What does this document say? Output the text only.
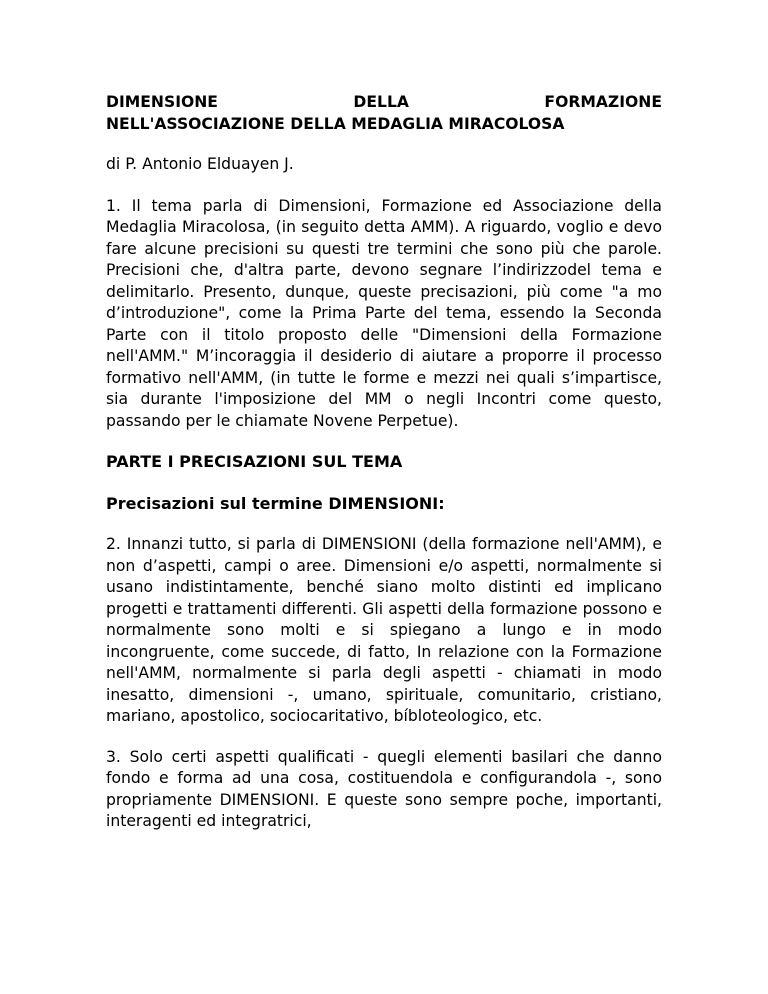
DIMENSIONE DELLA FORMAZIONE
NELL'ASSOCIAZIONE DELLA MEDAGLIA MIRACOLOSA

di P. Antonio Elduayen J.

1. Il tema parla di Dimensioni, Formazione ed Associazione della Medaglia Miracolosa, (in seguito detta AMM). A riguardo, voglio e devo fare alcune precisioni su questi tre termini che sono più che parole. Precisioni che, d'altra parte, devono segnare l’indirizzodel tema e delimitarlo. Presento, dunque, queste precisazioni, più come "a mo d’introduzione", come la Prima Parte del tema, essendo la Seconda Parte con il titolo proposto delle "Dimensioni della Formazione nell'AMM." M’incoraggia il desiderio di aiutare a proporre il processo formativo nell'AMM, (in tutte le forme e mezzi nei quali s’impartisce, sia durante l'imposizione del MM o negli Incontri come questo, passando per le chiamate Novene Perpetue).

PARTE I PRECISAZIONI SUL TEMA
Precisazioni sul termine DIMENSIONI:

2. Innanzi tutto, si parla di DIMENSIONI (della formazione nell'AMM), e non d’aspetti, campi o aree. Dimensioni e/o aspetti, normalmente si usano indistintamente, benché siano molto distinti ed implicano progetti e trattamenti differenti. Gli aspetti della formazione possono e normalmente sono molti e si spiegano a lungo e in modo incongruente, come succede, di fatto, In relazione con la Formazione nell'AMM, normalmente si parla degli aspetti - chiamati in modo inesatto, dimensioni -, umano, spirituale, comunitario, cristiano, mariano, apostolico, sociocaritativo, bíbloteologico, etc.

3. Solo certi aspetti qualificati - quegli elementi basilari che danno fondo e forma ad una cosa, costituendola e configurandola -, sono propriamente DIMENSIONI. E queste sono sempre poche, importanti, interagenti ed integratrici,
